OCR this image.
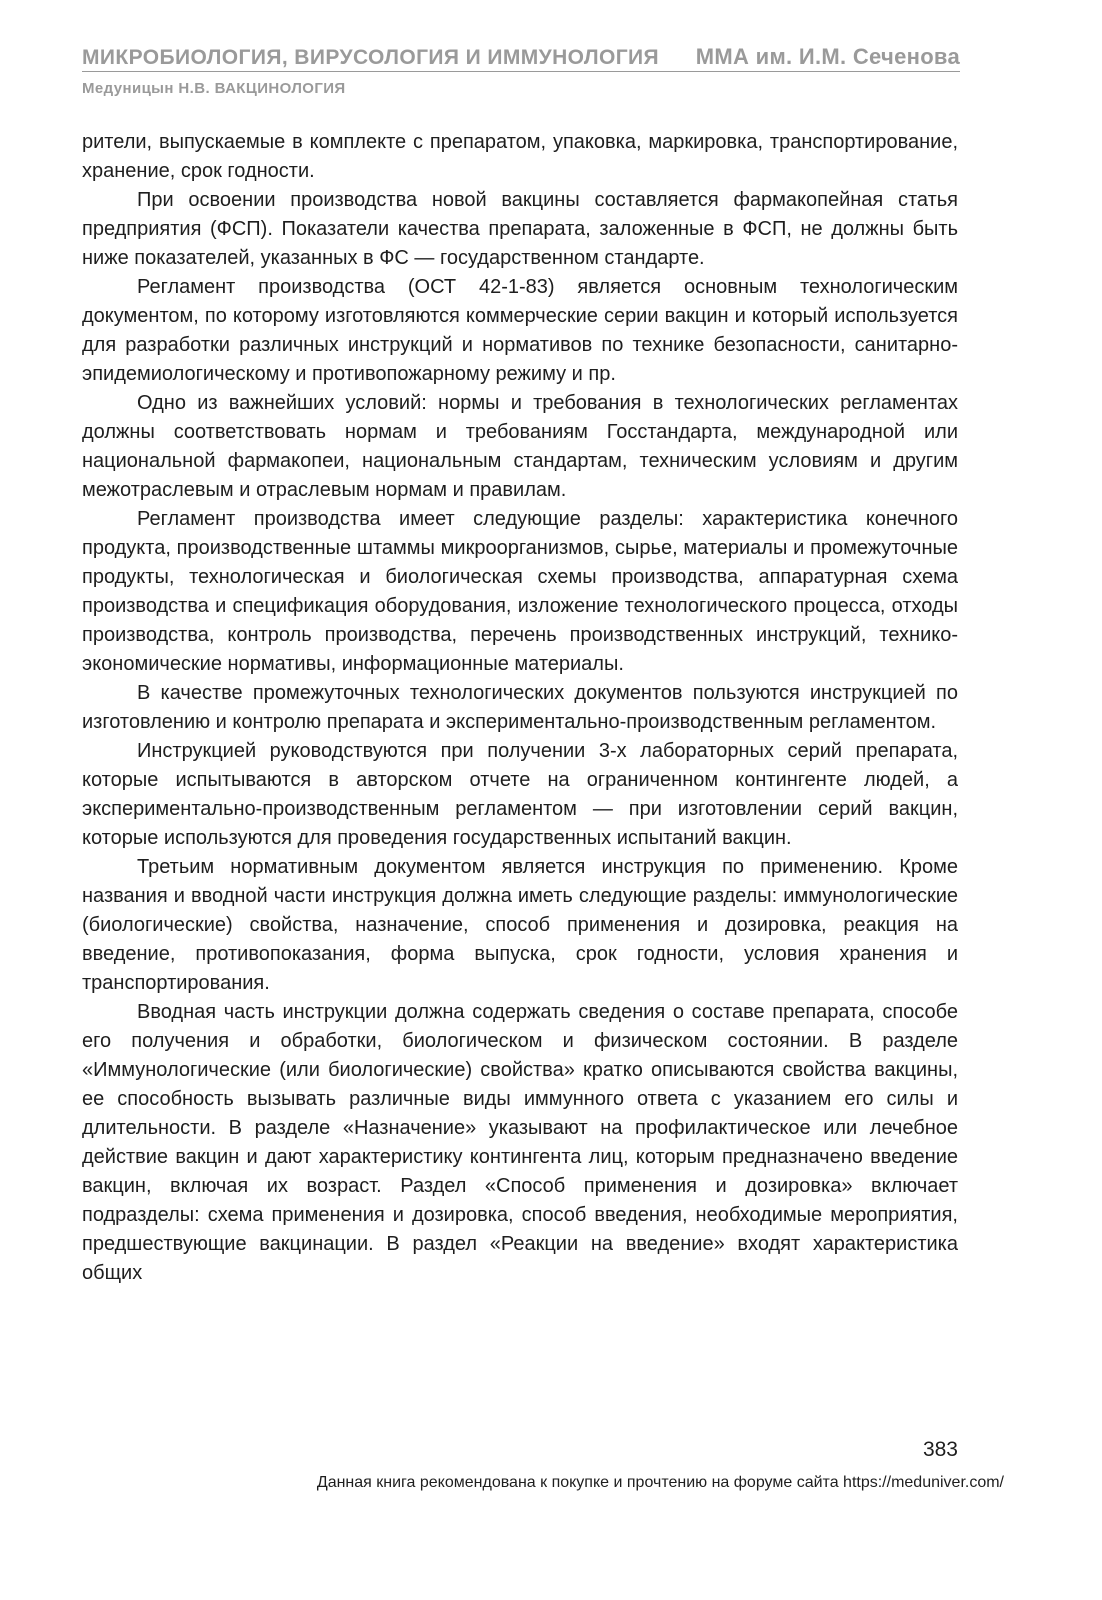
МИКРОБИОЛОГИЯ, ВИРУСОЛОГИЯ И ИММУНОЛОГИЯ ММА им. И.М. Сеченова
Медуницын Н.В. ВАКЦИНОЛОГИЯ

рители, выпускаемые в комплекте с препаратом, упаковка, маркировка, транспортирование, хранение, срок годности.

При освоении производства новой вакцины составляется фармакопейная статья предприятия (ФСП). Показатели качества препарата, заложенные в ФСП, не должны быть ниже показателей, указанных в ФС — государственном стандарте.

Регламент производства (ОСТ 42-1-83) является основным технологическим документом, по которому изготовляются коммерческие серии вакцин и который используется для разработки различных инструкций и нормативов по технике безопасности, санитарно-эпидемиологическому и противопожарному режиму и пр.

Одно из важнейших условий: нормы и требования в технологических регламентах должны соответствовать нормам и требованиям Госстандарта, международной или национальной фармакопеи, национальным стандартам, техническим условиям и другим межотраслевым и отраслевым нормам и правилам.

Регламент производства имеет следующие разделы: характеристика конечного продукта, производственные штаммы микроорганизмов, сырье, материалы и промежуточные продукты, технологическая и биологическая схемы производства, аппаратурная схема производства и спецификация оборудования, изложение технологического процесса, отходы производства, контроль производства, перечень производственных инструкций, технико-экономические нормативы, информационные материалы.

В качестве промежуточных технологических документов пользуются инструкцией по изготовлению и контролю препарата и экспериментально-производственным регламентом.

Инструкцией руководствуются при получении 3-х лабораторных серий препарата, которые испытываются в авторском отчете на ограниченном контингенте людей, а экспериментально-производственным регламентом — при изготовлении серий вакцин, которые используются для проведения государственных испытаний вакцин.

Третьим нормативным документом является инструкция по применению. Кроме названия и вводной части инструкция должна иметь следующие разделы: иммунологические (биологические) свойства, назначение, способ применения и дозировка, реакция на введение, противопоказания, форма выпуска, срок годности, условия хранения и транспортирования.

Вводная часть инструкции должна содержать сведения о составе препарата, способе его получения и обработки, биологическом и физическом состоянии. В разделе «Иммунологические (или биологические) свойства» кратко описываются свойства вакцины, ее способность вызывать различные виды иммунного ответа с указанием его силы и длительности. В разделе «Назначение» указывают на профилактическое или лечебное действие вакцин и дают характеристику контингента лиц, которым предназначено введение вакцин, включая их возраст. Раздел «Способ применения и дозировка» включает подразделы: схема применения и дозировка, способ введения, необходимые мероприятия, предшествующие вакцинации. В раздел «Реакции на введение» входят характеристика общих

383
Данная книга рекомендована к покупке и прочтению на форуме сайта https://meduniver.com/
